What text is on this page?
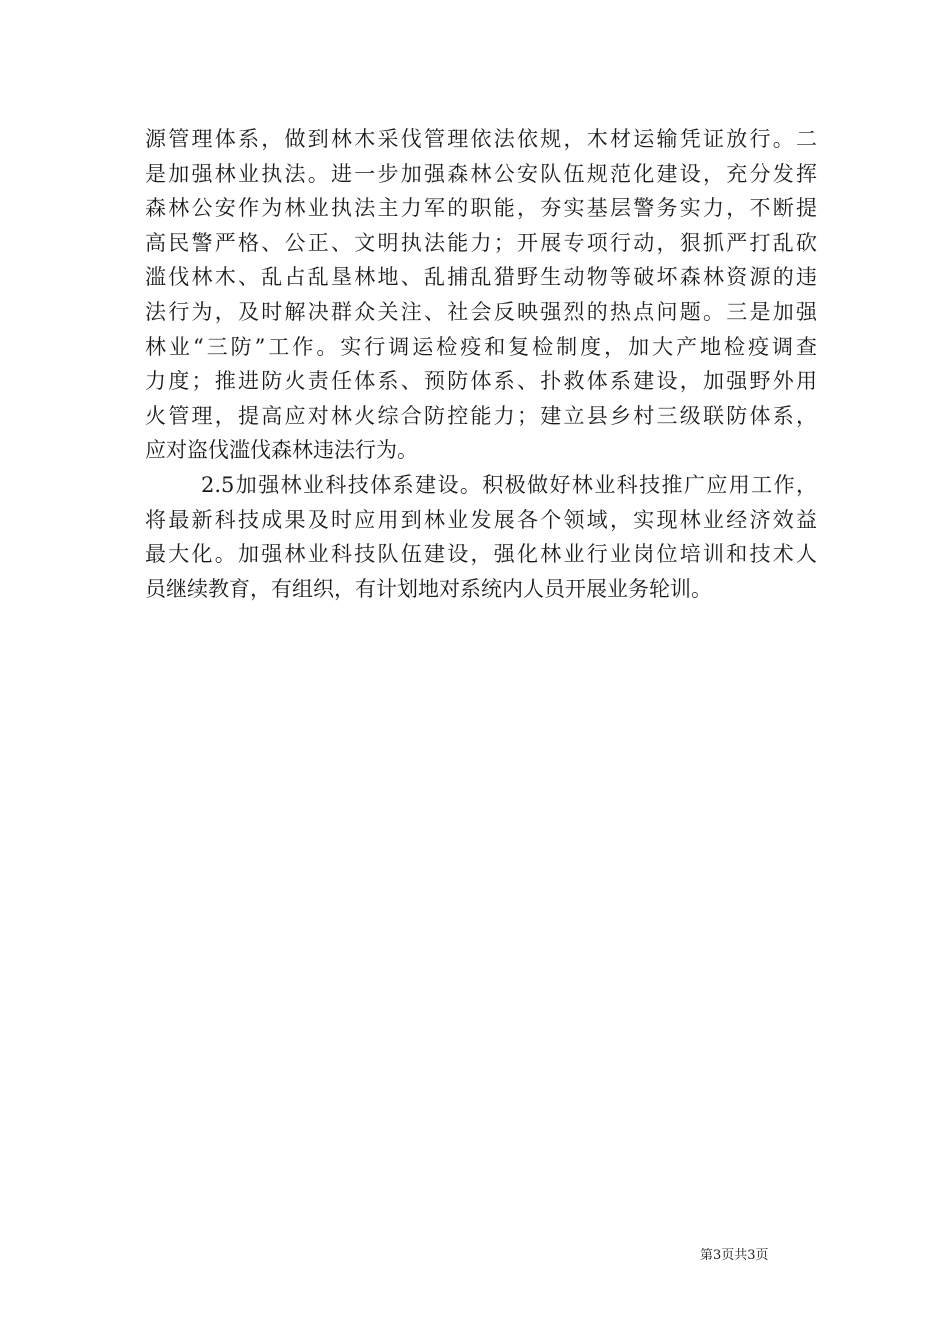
源管理体系，做到林木采伐管理依法依规，木材运输凭证放行。二
是加强林业执法。进一步加强森林公安队伍规范化建设，充分发挥
森林公安作为林业执法主力军的职能，夯实基层警务实力，不断提
高民警严格、公正、文明执法能力；开展专项行动，狠抓严打乱砍
滥伐林木、乱占乱垦林地、乱捕乱猎野生动物等破坏森林资源的违
法行为，及时解决群众关注、社会反映强烈的热点问题。三是加强
林业“三防”工作。实行调运检疫和复检制度，加大产地检疫调查
力度；推进防火责任体系、预防体系、扑救体系建设，加强野外用
火管理，提高应对林火综合防控能力；建立县乡村三级联防体系，
应对盗伐滥伐森林违法行为。
2.5加强林业科技体系建设。积极做好林业科技推广应用工作，
将最新科技成果及时应用到林业发展各个领域，实现林业经济效益
最大化。加强林业科技队伍建设，强化林业行业岗位培训和技术人
员继续教育，有组织，有计划地对系统内人员开展业务轮训。
第3页共3页
